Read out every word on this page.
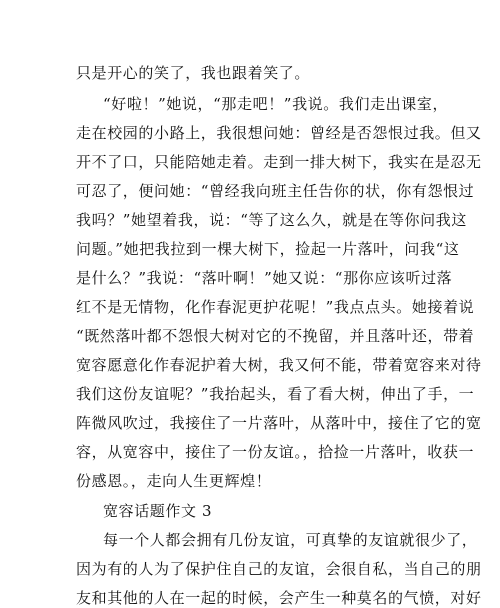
只是开心的笑了，我也跟着笑了。
“好啦！”她说，“那走吧！”我说。我们走出课室，
走在校园的小路上，我很想问她：曾经是否怨恨过我。但又
开不了口，只能陪她走着。走到一排大树下，我实在是忍无
可忍了，便问她：“曾经我向班主任告你的状，你有怨恨过
我吗？”她望着我，说：“等了这么久，就是在等你问我这
问题。”她把我拉到一棵大树下，捡起一片落叶，问我“这
是什么？”我说：“落叶啊！”她又说：“那你应该听过落
红不是无情物，化作春泥更护花呢！”我点点头。她接着说
“既然落叶都不怨恨大树对它的不挽留，并且落叶还，带着
宽容愿意化作春泥护着大树，我又何不能，带着宽容来对待
我们这份友谊呢？”我抬起头，看了看大树，伸出了手，一
阵微风吹过，我接住了一片落叶，从落叶中，接住了它的宽
容，从宽容中，接住了一份友谊。，拾捡一片落叶，收获一
份感恩。，走向人生更辉煌！
宽容话题作文 3
每一个人都会拥有几份友谊，可真挚的友谊就很少了，
因为有的人为了保护住自己的友谊，会很自私，当自己的朋
友和其他的人在一起的时候，会产生一种莫名的气愤，对好
